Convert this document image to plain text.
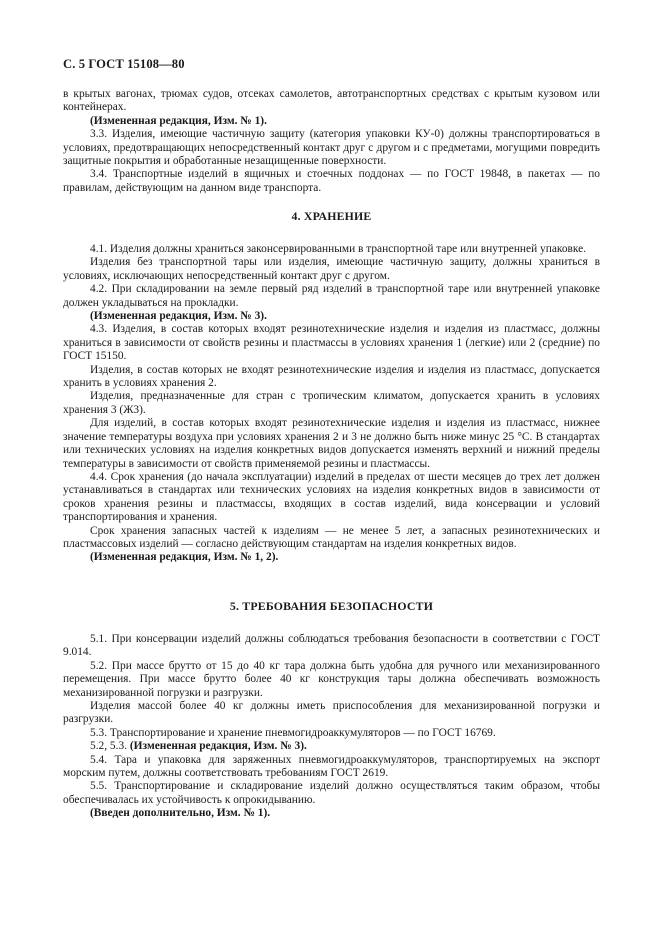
С. 5 ГОСТ 15108—80

в крытых вагонах, трюмах судов, отсеках самолетов, автотранспортных средствах с крытым кузовом или контейнерах.

(Измененная редакция, Изм. № 1).

3.3. Изделия, имеющие частичную защиту (категория упаковки КУ-0) должны транспортироваться в условиях, предотвращающих непосредственный контакт друг с другом и с предметами, могущими повредить защитные покрытия и обработанные незащищенные поверхности.

3.4. Транспортные изделий в ящичных и стоечных поддонах — по ГОСТ 19848, в пакетах — по правилам, действующим на данном виде транспорта.

4. ХРАНЕНИЕ

4.1. Изделия должны храниться законсервированными в транспортной таре или внутренней упаковке.

Изделия без транспортной тары или изделия, имеющие частичную защиту, должны храниться в условиях, исключающих непосредственный контакт друг с другом.

4.2. При складировании на земле первый ряд изделий в транспортной таре или внутренней упаковке должен укладываться на прокладки.

(Измененная редакция, Изм. № 3).

4.3. Изделия, в состав которых входят резинотехнические изделия и изделия из пластмасс, должны храниться в зависимости от свойств резины и пластмассы в условиях хранения 1 (легкие) или 2 (средние) по ГОСТ 15150.

Изделия, в состав которых не входят резинотехнические изделия и изделия из пластмасс, допускается хранить в условиях хранения 2.

Изделия, предназначенные для стран с тропическим климатом, допускается хранить в условиях хранения 3 (Ж3).

Для изделий, в состав которых входят резинотехнические изделия и изделия из пластмасс, нижнее значение температуры воздуха при условиях хранения 2 и 3 не должно быть ниже минус 25 °С. В стандартах или технических условиях на изделия конкретных видов допускается изменять верхний и нижний пределы температуры в зависимости от свойств применяемой резины и пластмассы.

4.4. Срок хранения (до начала эксплуатации) изделий в пределах от шести месяцев до трех лет должен устанавливаться в стандартах или технических условиях на изделия конкретных видов в зависимости от сроков хранения резины и пластмассы, входящих в состав изделий, вида консервации и условий транспортирования и хранения.

Срок хранения запасных частей к изделиям — не менее 5 лет, а запасных резинотехнических и пластмассовых изделий — согласно действующим стандартам на изделия конкретных видов.

(Измененная редакция, Изм. № 1, 2).

5. ТРЕБОВАНИЯ БЕЗОПАСНОСТИ

5.1. При консервации изделий должны соблюдаться требования безопасности в соответствии с ГОСТ 9.014.

5.2. При массе брутто от 15 до 40 кг тара должна быть удобна для ручного или механизированного перемещения. При массе брутто более 40 кг конструкция тары должна обеспечивать возможность механизированной погрузки и разгрузки.

Изделия массой более 40 кг должны иметь приспособления для механизированной погрузки и разгрузки.

5.3. Транспортирование и хранение пневмогидроаккумуляторов — по ГОСТ 16769.

5.2, 5.3. (Измененная редакция, Изм. № 3).

5.4. Тара и упаковка для заряженных пневмогидроаккумуляторов, транспортируемых на экспорт морским путем, должны соответствовать требованиям ГОСТ 2619.

5.5. Транспортирование и складирование изделий должно осуществляться таким образом, чтобы обеспечивалась их устойчивость к опрокидыванию.

(Введен дополнительно, Изм. № 1).
